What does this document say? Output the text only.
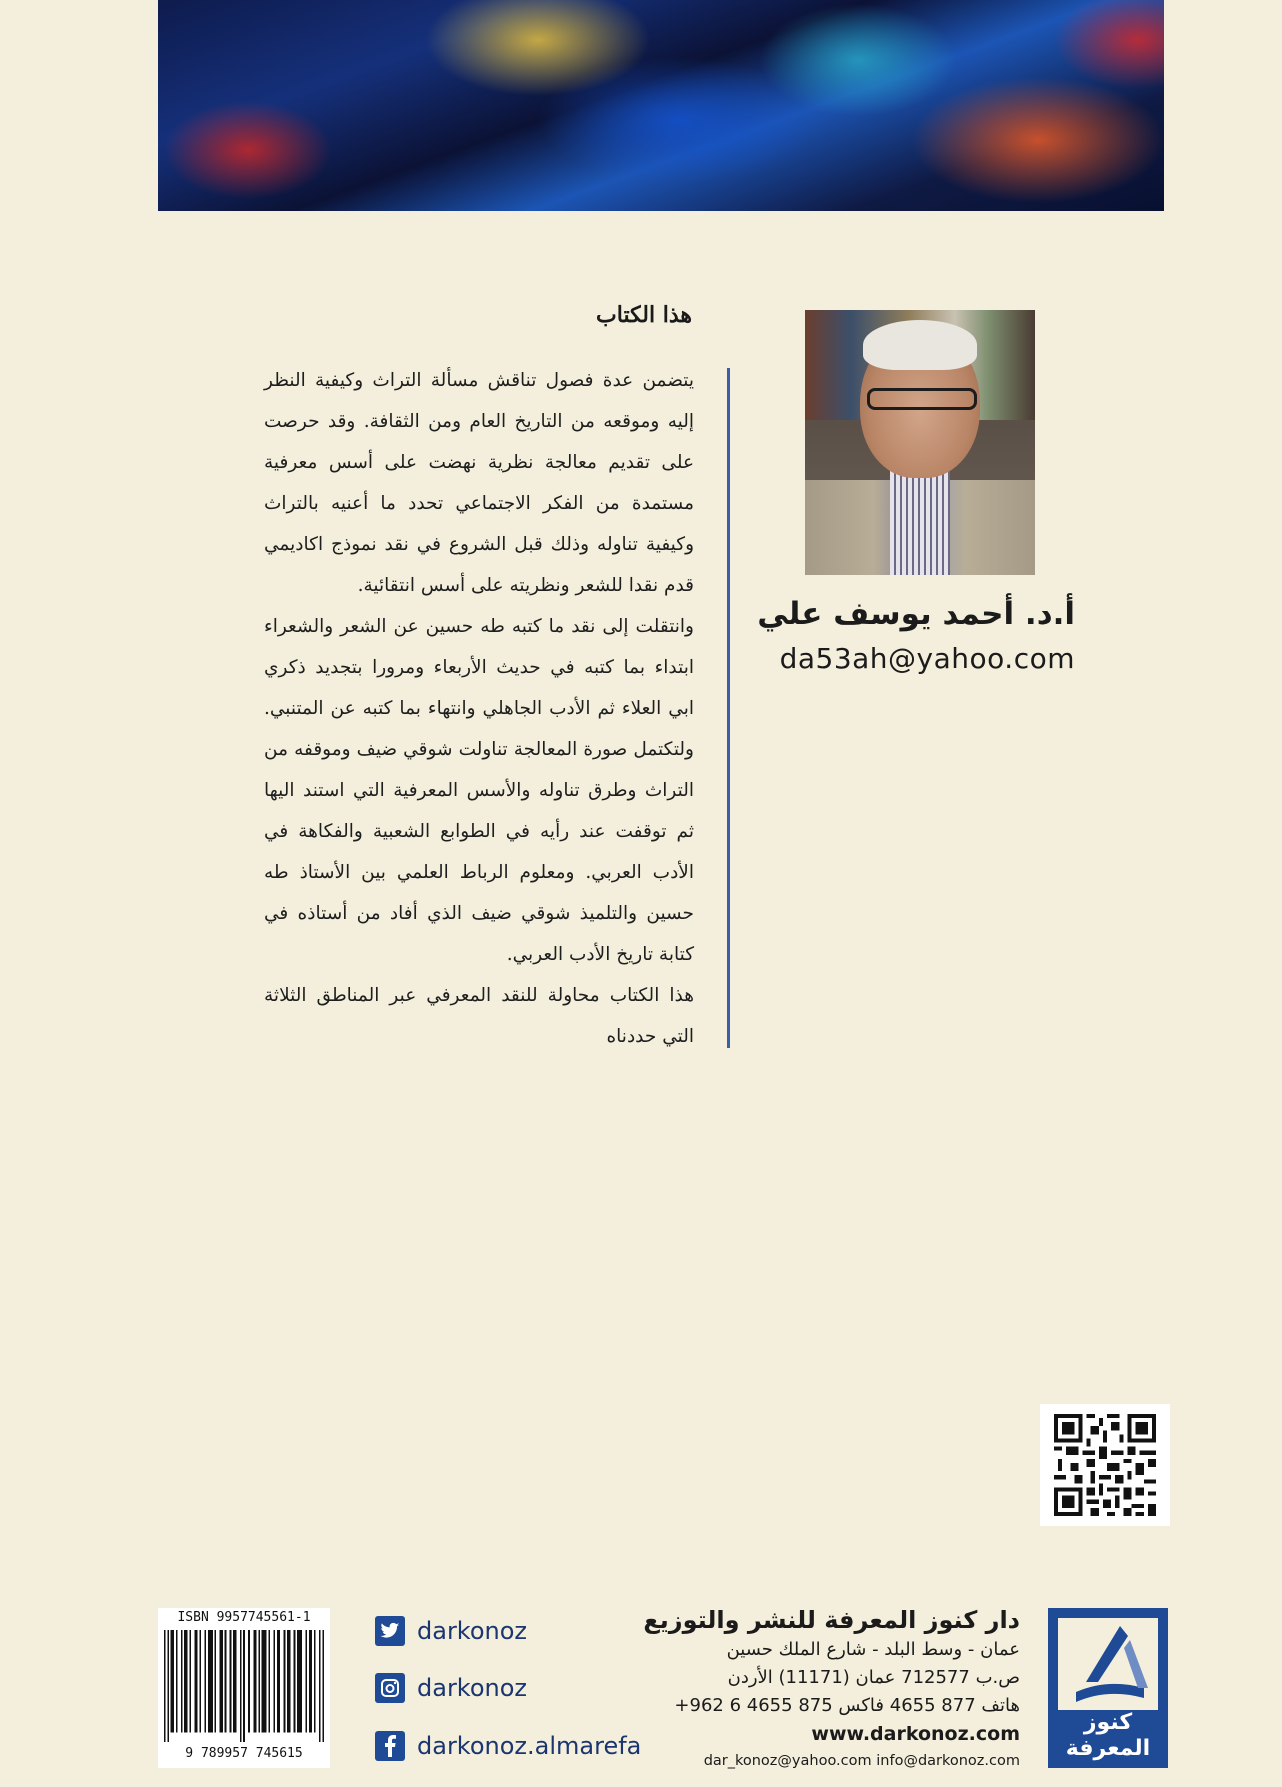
هذا الكتاب

يتضمن عدة فصول تناقش مسألة التراث وكيفية النظر إليه وموقعه من التاريخ العام ومن الثقافة. وقد حرصت على تقديم معالجة نظرية نهضت على أسس معرفية مستمدة من الفكر الاجتماعي تحدد ما أعنيه بالتراث وكيفية تناوله وذلك قبل الشروع في نقد نموذج اكاديمي قدم نقدا للشعر ونظريته على أسس انتقائية.

وانتقلت إلى نقد ما كتبه طه حسين عن الشعر والشعراء ابتداء بما كتبه في حديث الأربعاء ومرورا بتجديد ذكري ابي العلاء ثم الأدب الجاهلي وانتهاء بما كتبه عن المتنبي. ولتكتمل صورة المعالجة تناولت شوقي ضيف وموقفه من التراث وطرق تناوله والأسس المعرفية التي استند اليها ثم توقفت عند رأيه في الطوابع الشعبية والفكاهة في الأدب العربي. ومعلوم الرباط العلمي بين الأستاذ طه حسين والتلميذ شوقي ضيف الذي أفاد من أستاذه في كتابة تاريخ الأدب العربي.

هذا الكتاب محاولة للنقد المعرفي عبر المناطق الثلاثة التي حددناه

أ.د. أحمد يوسف علي
da53ah@yahoo.com
ISBN 9957745561-1
9 789957 745615
darkonoz
darkonoz
darkonoz.almarefa
دار كنوز المعرفة للنشر والتوزيع
عمان - وسط البلد - شارع الملك حسين
ص.ب 712577 عمان (11171) الأردن
هاتف 877 4655 فاكس 875 4655 6 962+
www.darkonoz.com
dar_konoz@yahoo.com info@darkonoz.com
كنوز المعرفة
